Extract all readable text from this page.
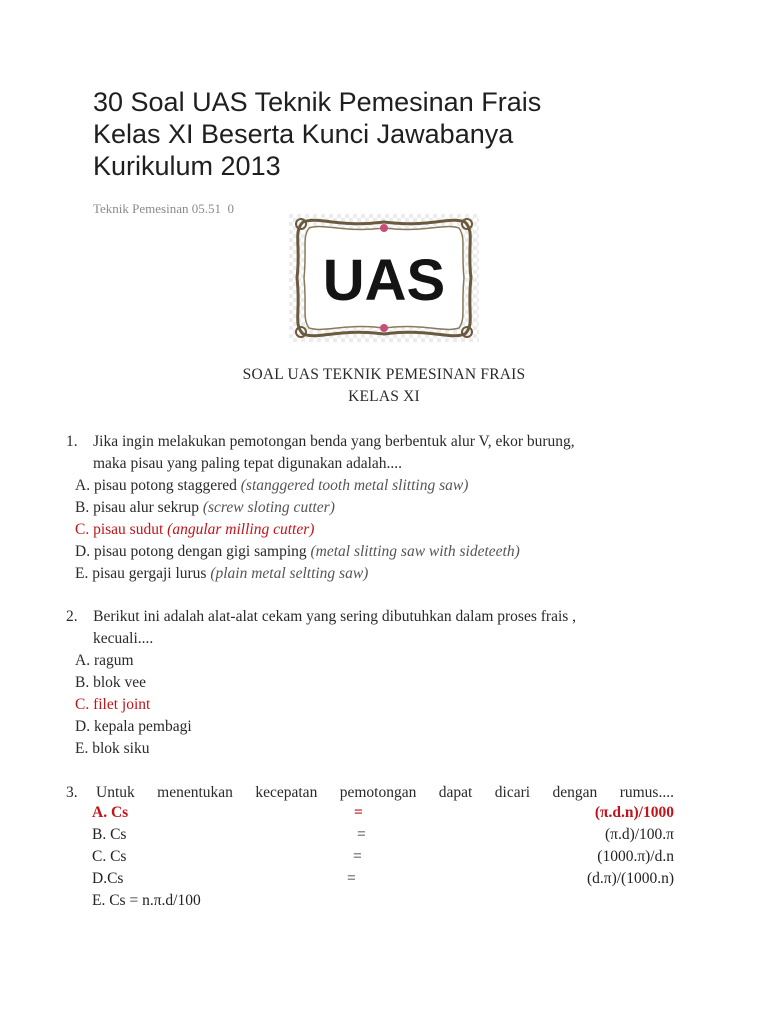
30 Soal UAS Teknik Pemesinan Frais
Kelas XI Beserta Kunci Jawabanya
Kurikulum 2013
Teknik Pemesinan 05.51 0
UAS
SOAL UAS TEKNIK PEMESINAN FRAIS
KELAS XI
1. Jika ingin melakukan pemotongan benda yang berbentuk alur V, ekor burung,
maka pisau yang paling tepat digunakan adalah....
A. pisau potong staggered (stanggered tooth metal slitting saw)
B. pisau alur sekrup (screw sloting cutter)
C. pisau sudut (angular milling cutter)
D. pisau potong dengan gigi samping (metal slitting saw with sideteeth)
E. pisau gergaji lurus (plain metal seltting saw)
2. Berikut ini adalah alat-alat cekam yang sering dibutuhkan dalam proses frais ,
kecuali....
A. ragum
B. blok vee
C. filet joint
D. kepala pembagi
E. blok siku
3. Untuk menentukan kecepatan pemotongan dapat dicari dengan rumus....
A. Cs	=	(π.d.n)/1000
B. Cs	=	(π.d)/100.π
C. Cs	=	(1000.π)/d.n
D.Cs	=	(d.π)/(1000.n)
E. Cs = n.π.d/100
